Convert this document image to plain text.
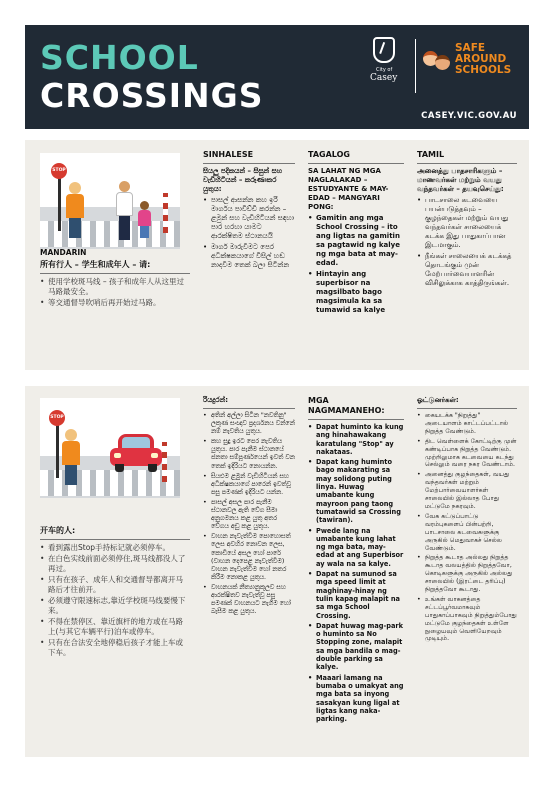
SCHOOL
CROSSINGS
City of
Casey
SAFE
AROUND
SCHOOLS
CASEY.VIC.GOV.AU
STOP
MANDARIN
所有行人 – 学生和成年人 – 请:
• 使用学校斑马线 – 孩子和成年人从这里过马路最安全。
• 等交通督导吹哨后再开始过马路。
SINHALESE
සියලු පදිකයන් – සිසුන් සහ වැඩිහිටියන් – කරුණාකර යුතුය:
• පාසල් ආසන්න කහ ඉරි මාර්ගය පාවිච්චි කරන්න – ළමුන් සහ වැඩිහිටියන් සඳහා පාර හරහා යාමට ආරක්ෂිතම ස්ථානයයි
• මාර්ග මාරුවීමට පෙර අධීක්ෂකයාගේ විසිල් හඬ නාදවීම තෙක් බලා සිටින්න
TAGALOG
SA LAHAT NG MGA NAGLALAKAD – ESTUDYANTE & MAY-EDAD – MANGYARI PONG:
• Gamitin ang mga School Crossing – ito ang ligtas na gamitin sa pagtawid ng kalye ng mga bata at may-edad.
• Hintayin ang superbisor na magsilbato bago magsimula ka sa tumawid sa kalye
TAMIL
அனைத்து பாதசாரிகளும் – மாணவர்கள் மற்றும் வயது வந்தவர்கள் – தயவுசெய்து:
• பாடசாலை கடவையை பயன்படுத்தவும் – குழந்தைகள் மற்றும் வயது வந்தவர்கள் சாலையைக் கடக்க இது பாதுகாப்பான இடமாகும்.
• நீங்கள் சாலையைக் கடக்கத் தொடங்கும் முன் மேற்பார்வையாளரின் விசிலுக்காக காத்திருங்கள்.
STOP
开车的人:
• 看到露出Stop手持标记就必须停车。
• 在白色实线前面必须停住,斑马线都没人了再过。
• 只有在孩子、成年人和交通督导都离开马路后才往前开。
• 必须遵守限速标志,靠近学校斑马线要慢下来。
• 不得在禁停区、靠近旗杆的地方或在马路上(与其它车辆平行)泊车或停车。
• 只有在合法安全地停稳后孩子才能上车或下车。
රියදුරන්:
• අතින් අල්ලා සිටින "නවතිනු" ලකුණ සංඥාව ප්‍රදර්ශනය වන්නේ නම් නැවතිය යුතුය.
• කහ සුදු ඉරට පෙර නැවතිය යුතුය. පාර පැනීම ස්ථානයේ ජනතා සම්පූර්ණයෙන් ඉවත් වන තෙක් ඉදිරියට නොයන්න.
• සියළුම ළමුන් වැඩිහිටියන් සහ අධීක්ෂකයාගේ පාරෙන් ඉවත්වූ පසු පමණක් ඉදිරියට යන්න.
• පාසල් අසල පාර පැනීම ස්ථානවල ඇති වේග සීමා අනුගමනය කළ යුතු අතර වේගය අඩු කළ යුතුය.
• වාහන නැවැත්වීම පොහොසත් ලෙස අවහිර නොවන ලෙස, කොඩියේ අසල හෝ පාරේ (වාහන දෙපෙළ නැවැත්වීම) වාහන නැවැත්වීම හෝ නතර කිරීම නොකළ යුතුය.
• වාහනයක් නීත්‍යානුකූලව සහ ආරක්ෂිතව නැවැත්වූ පසු පමණක් වාහනයට නැගීම හෝ බැසීම කළ යුතුය.
MGA NAGMAMANEHO:
• Dapat huminto ka kung ang hinahawakang karatulang "Stop" ay nakataas.
• Dapat kang huminto bago makarating sa may solidong puting linya. Huwag umabante kung mayroon pang taong tumatawid sa Crossing (tawiran).
• Pwede lang na umabante kung lahat ng mga bata, may-edad at ang Superbisor ay wala na sa kalye.
• Dapat na sumunod sa mga speed limit at maghinay-hinay ng tulin kapag malapit na sa mga School Crossing.
• Dapat huwag mag-park o huminto sa No Stopping zone, malapit sa mga bandila o mag-double parking sa kalye.
• Maaari lamang na bumaba o umakyat ang mga bata sa inyong sasakyan kung ligal at ligtas kang naka-parking.
ஓட்டுனர்கள்:
• கையடக்க "நிறுத்து" அடையாளம் காட்டப்பட்டால் நிறுத்த வேண்டும்.
• திட வெள்ளைக் கோட்டிற்கு முன் கண்டிப்பாக நிறுத்த வேண்டும். முற்றிலுமாக கடவையை கடந்து செல்லும் வரை நகர வேண்டாம்.
• அனைத்து குழந்தைகள், வயது வந்தவர்கள் மற்றும் மேற்பார்வையாளர்கள் சாலையில் இல்லாத போது மட்டுமே நகரவும்.
• வேக கட்டுப்பாட்டு வரம்புகளைப் பின்பற்றி, பாடசாலை கடவைகளுக்கு அருகில் மெதுவாகச் செல்ல வேண்டும்.
• நிறுத்த கூடாத அல்லது நிறுத்த கூடாத வலயத்தில் நிறுத்தவோ, கொடிகளுக்கு அருகில் அல்லது சாலையில் (இரட்டை தரிப்பு) நிறுத்தவோ கூடாது.
• உங்கள் வாகனத்தை சட்டப்பூர்வமாகவும் பாதுகாப்பாகவும் நிறுத்தும்போது மட்டுமே குழந்தைகள் உள்ளே நுழையவும் வெளியேறவும் முடியும்.
